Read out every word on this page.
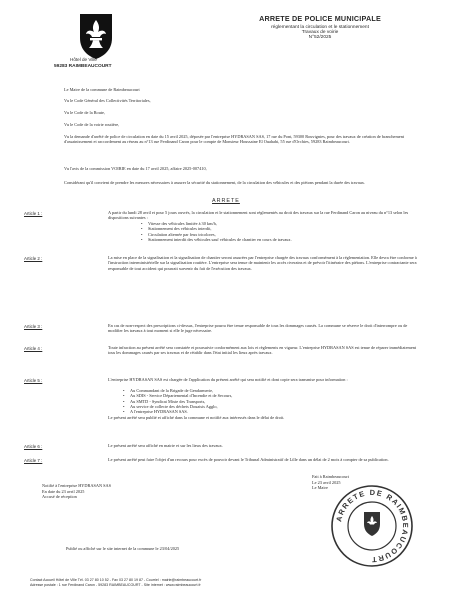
Hôtel de Ville
59283 RAIMBEAUCOURT
ARRETE DE POLICE MUNICIPALE
réglementant la circulation et le stationnement
Travaux de voirie
N°52/2025
Le Maire de la commune de Raimbeaucourt
Vu le Code Général des Collectivités Territoriales,
Vu le Code de la Route,
Vu le Code de la voirie routière,
Vu la demande d'arrêté de police de circulation en date du 15 avril 2025, déposée par l'entreprise HYDRASAN SAS, 17 rue du Pont, 59300 Rouvignies, pour des travaux de création de branchement d'assainissement et raccordement au réseau au n°13 rue Ferdinand Caron pour le compte de Monsieur Houssaine El Ouahabi, 55 rue d'Orchies, 59283 Raimbeaucourt.
Vu l'avis de la commission VOIRIE en date du 17 avril 2025, affaire 2025-007410,
Considérant qu'il convient de prendre les mesures nécessaires à assurer la sécurité du stationnement, de la circulation des véhicules et des piétons pendant la durée des travaux.
ARRETE
Article 1 :	A partir du lundi 28 avril et pour 5 jours ouvrés, la circulation et le stationnement sont réglementés au droit des travaux sur la rue Ferdinand Caron au niveau du n°13 selon les dispositions suivantes :
• Vitesse des véhicules limitée à 30 km/h,
• Stationnement des véhicules interdit,
• Circulation alternée par feux tricolores,
• Stationnement interdit des véhicules sauf véhicules de chantier en cours de travaux.
Article 2 :	La mise en place de la signalisation et la signalisation de chantier seront assurées par l'entreprise chargée des travaux conformément à la réglementation. Elle devra être conforme à l'instruction interministérielle sur la signalisation routière. L'entreprise sera tenue de maintenir les accès riverains et de prévoir l'itinéraire des piétons. L'entreprise contractante sera responsable de tout accident qui pourrait survenir du fait de l'exécution des travaux.
Article 3 :	En cas de non-respect des prescriptions ci-dessus, l'entreprise pourra être tenue responsable de tous les dommages causés. La commune se réserve le droit d'interrompre ou de modifier les travaux à tout moment si elle le juge nécessaire.
Article 4 :	Toute infraction au présent arrêté sera constatée et poursuivie conformément aux lois et règlements en vigueur. L'entreprise HYDRASAN SAS est tenue de réparer immédiatement tous les dommages causés par ses travaux et de rétablir dans l'état initial les lieux après travaux.
Article 5 :	L'entreprise HYDRASAN SAS est chargée de l'application du présent arrêté qui sera notifié et dont copie sera transmise pour information :
• Au Commandant de la Brigade de Gendarmerie,
• Au SDIS - Service Départemental d'Incendie et de Secours,
• Au SMTD - Syndicat Mixte des Transports,
• Au service de collecte des déchets Douaisis Agglo,
• A l'entreprise HYDRASAN SAS.
Le présent arrêté sera publié et affiché dans la commune et notifié aux intéressés dans le délai de droit.
Article 6 :	Le présent arrêté sera affiché en mairie et sur les lieux des travaux.
Article 7 :	Le présent arrêté peut faire l'objet d'un recours pour excès de pouvoir devant le Tribunal Administratif de Lille dans un délai de 2 mois à compter de sa publication.
Notifié à l'entreprise HYDRASAN SAS
En date du 23 avril 2025
Accusé de réception
Fait à Raimbeaucourt
Le 23 avril 2025
Le Maire
ARRETE DE RAIMBEAUCOURT
Publié ou affiché sur le site internet de la commune le 23/04/2025
Contact Accueil Hôtel de Ville Tél. 03 27 80 10 52 - Fax 03 27 80 19 87 - Courriel : mairie@raimbeaucourt.fr
Adresse postale : 1 rue Ferdinand Caron - 59283 RAIMBEAUCOURT - Site internet : www.raimbeaucourt.fr
